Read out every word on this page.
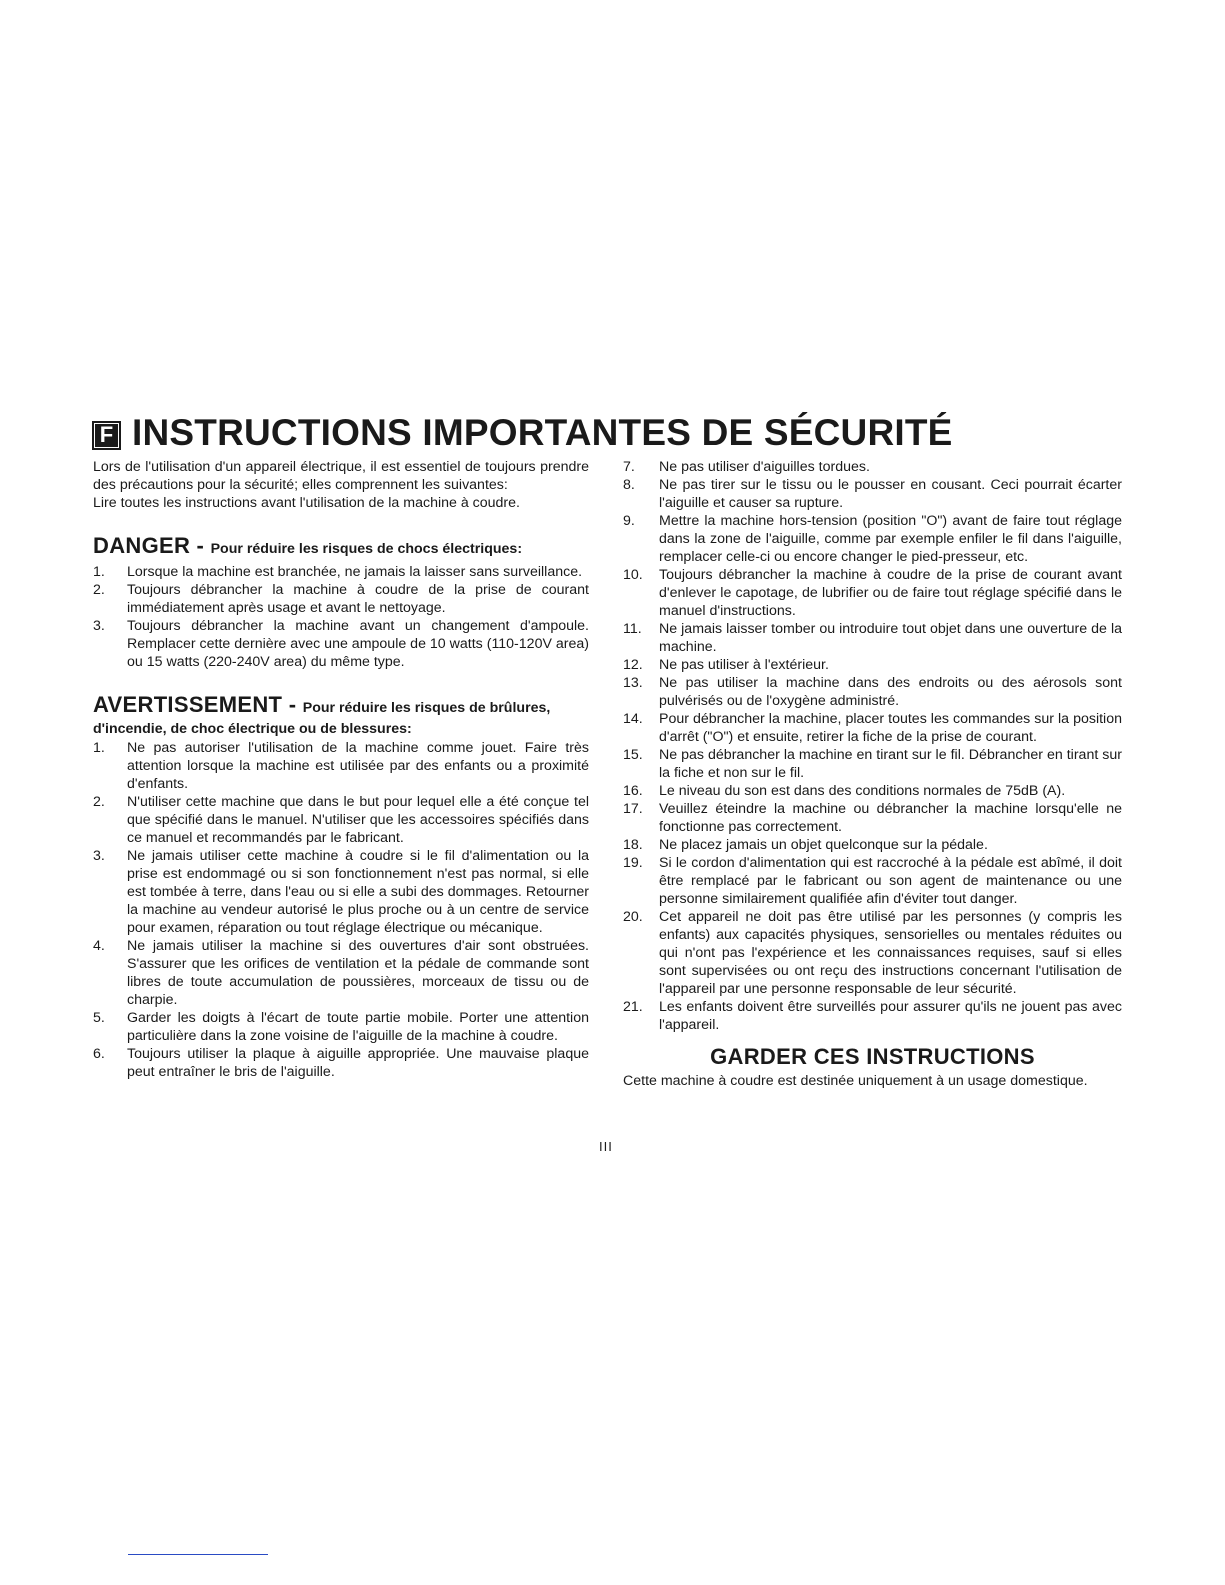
F INSTRUCTIONS IMPORTANTES DE SÉCURITÉ

Lors de l'utilisation d'un appareil électrique, il est essentiel de toujours prendre des précautions pour la sécurité; elles comprennent les suivantes:

Lire toutes les instructions avant l'utilisation de la machine à coudre.

DANGER - Pour réduire les risques de chocs électriques:
1. Lorsque la machine est branchée, ne jamais la laisser sans surveillance.
2. Toujours débrancher la machine à coudre de la prise de courant immédiatement après usage et avant le nettoyage.
3. Toujours débrancher la machine avant un changement d'ampoule. Remplacer cette dernière avec une ampoule de 10 watts (110-120V area) ou 15 watts (220-240V area) du même type.
AVERTISSEMENT - Pour réduire les risques de brûlures,
d'incendie, de choc électrique ou de blessures:
1. Ne pas autoriser l'utilisation de la machine comme jouet. Faire très attention lorsque la machine est utilisée par des enfants ou a proximité d'enfants.
2. N'utiliser cette machine que dans le but pour lequel elle a été conçue tel que spécifié dans le manuel. N'utiliser que les accessoires spécifiés dans ce manuel et recommandés par le fabricant.
3. Ne jamais utiliser cette machine à coudre si le fil d'alimentation ou la prise est endommagé ou si son fonctionnement n'est pas normal, si elle est tombée à terre, dans l'eau ou si elle a subi des dommages. Retourner la machine au vendeur autorisé le plus proche ou à un centre de service pour examen, réparation ou tout réglage électrique ou mécanique.
4. Ne jamais utiliser la machine si des ouvertures d'air sont obstruées. S'assurer que les orifices de ventilation et la pédale de commande sont libres de toute accumulation de poussières, morceaux de tissu ou de charpie.
5. Garder les doigts à l'écart de toute partie mobile. Porter une attention particulière dans la zone voisine de l'aiguille de la machine à coudre.
6. Toujours utiliser la plaque à aiguille appropriée. Une mauvaise plaque peut entraîner le bris de l'aiguille.
7. Ne pas utiliser d'aiguilles tordues.
8. Ne pas tirer sur le tissu ou le pousser en cousant. Ceci pourrait écarter l'aiguille et causer sa rupture.
9. Mettre la machine hors-tension (position "O") avant de faire tout réglage dans la zone de l'aiguille, comme par exemple enfiler le fil dans l'aiguille, remplacer celle-ci ou encore changer le pied-presseur, etc.
10. Toujours débrancher la machine à coudre de la prise de courant avant d'enlever le capotage, de lubrifier ou de faire tout réglage spécifié dans le manuel d'instructions.
11. Ne jamais laisser tomber ou introduire tout objet dans une ouverture de la machine.
12. Ne pas utiliser à l'extérieur.
13. Ne pas utiliser la machine dans des endroits ou des aérosols sont pulvérisés ou de l'oxygène administré.
14. Pour débrancher la machine, placer toutes les commandes sur la position d'arrêt ("O") et ensuite, retirer la fiche de la prise de courant.
15. Ne pas débrancher la machine en tirant sur le fil. Débrancher en tirant sur la fiche et non sur le fil.
16. Le niveau du son est dans des conditions normales de 75dB (A).
17. Veuillez éteindre la machine ou débrancher la machine lorsqu'elle ne fonctionne pas correctement.
18. Ne placez jamais un objet quelconque sur la pédale.
19. Si le cordon d'alimentation qui est raccroché à la pédale est abîmé, il doit être remplacé par le fabricant ou son agent de maintenance ou une personne similairement qualifiée afin d'éviter tout danger.
20. Cet appareil ne doit pas être utilisé par les personnes (y compris les enfants) aux capacités physiques, sensorielles ou mentales réduites ou qui n'ont pas l'expérience et les connaissances requises, sauf si elles sont supervisées ou ont reçu des instructions concernant l'utilisation de l'appareil par une personne responsable de leur sécurité.
21. Les enfants doivent être surveillés pour assurer qu'ils ne jouent pas avec l'appareil.
GARDER CES INSTRUCTIONS
Cette machine à coudre est destinée uniquement à un usage domestique.
III
